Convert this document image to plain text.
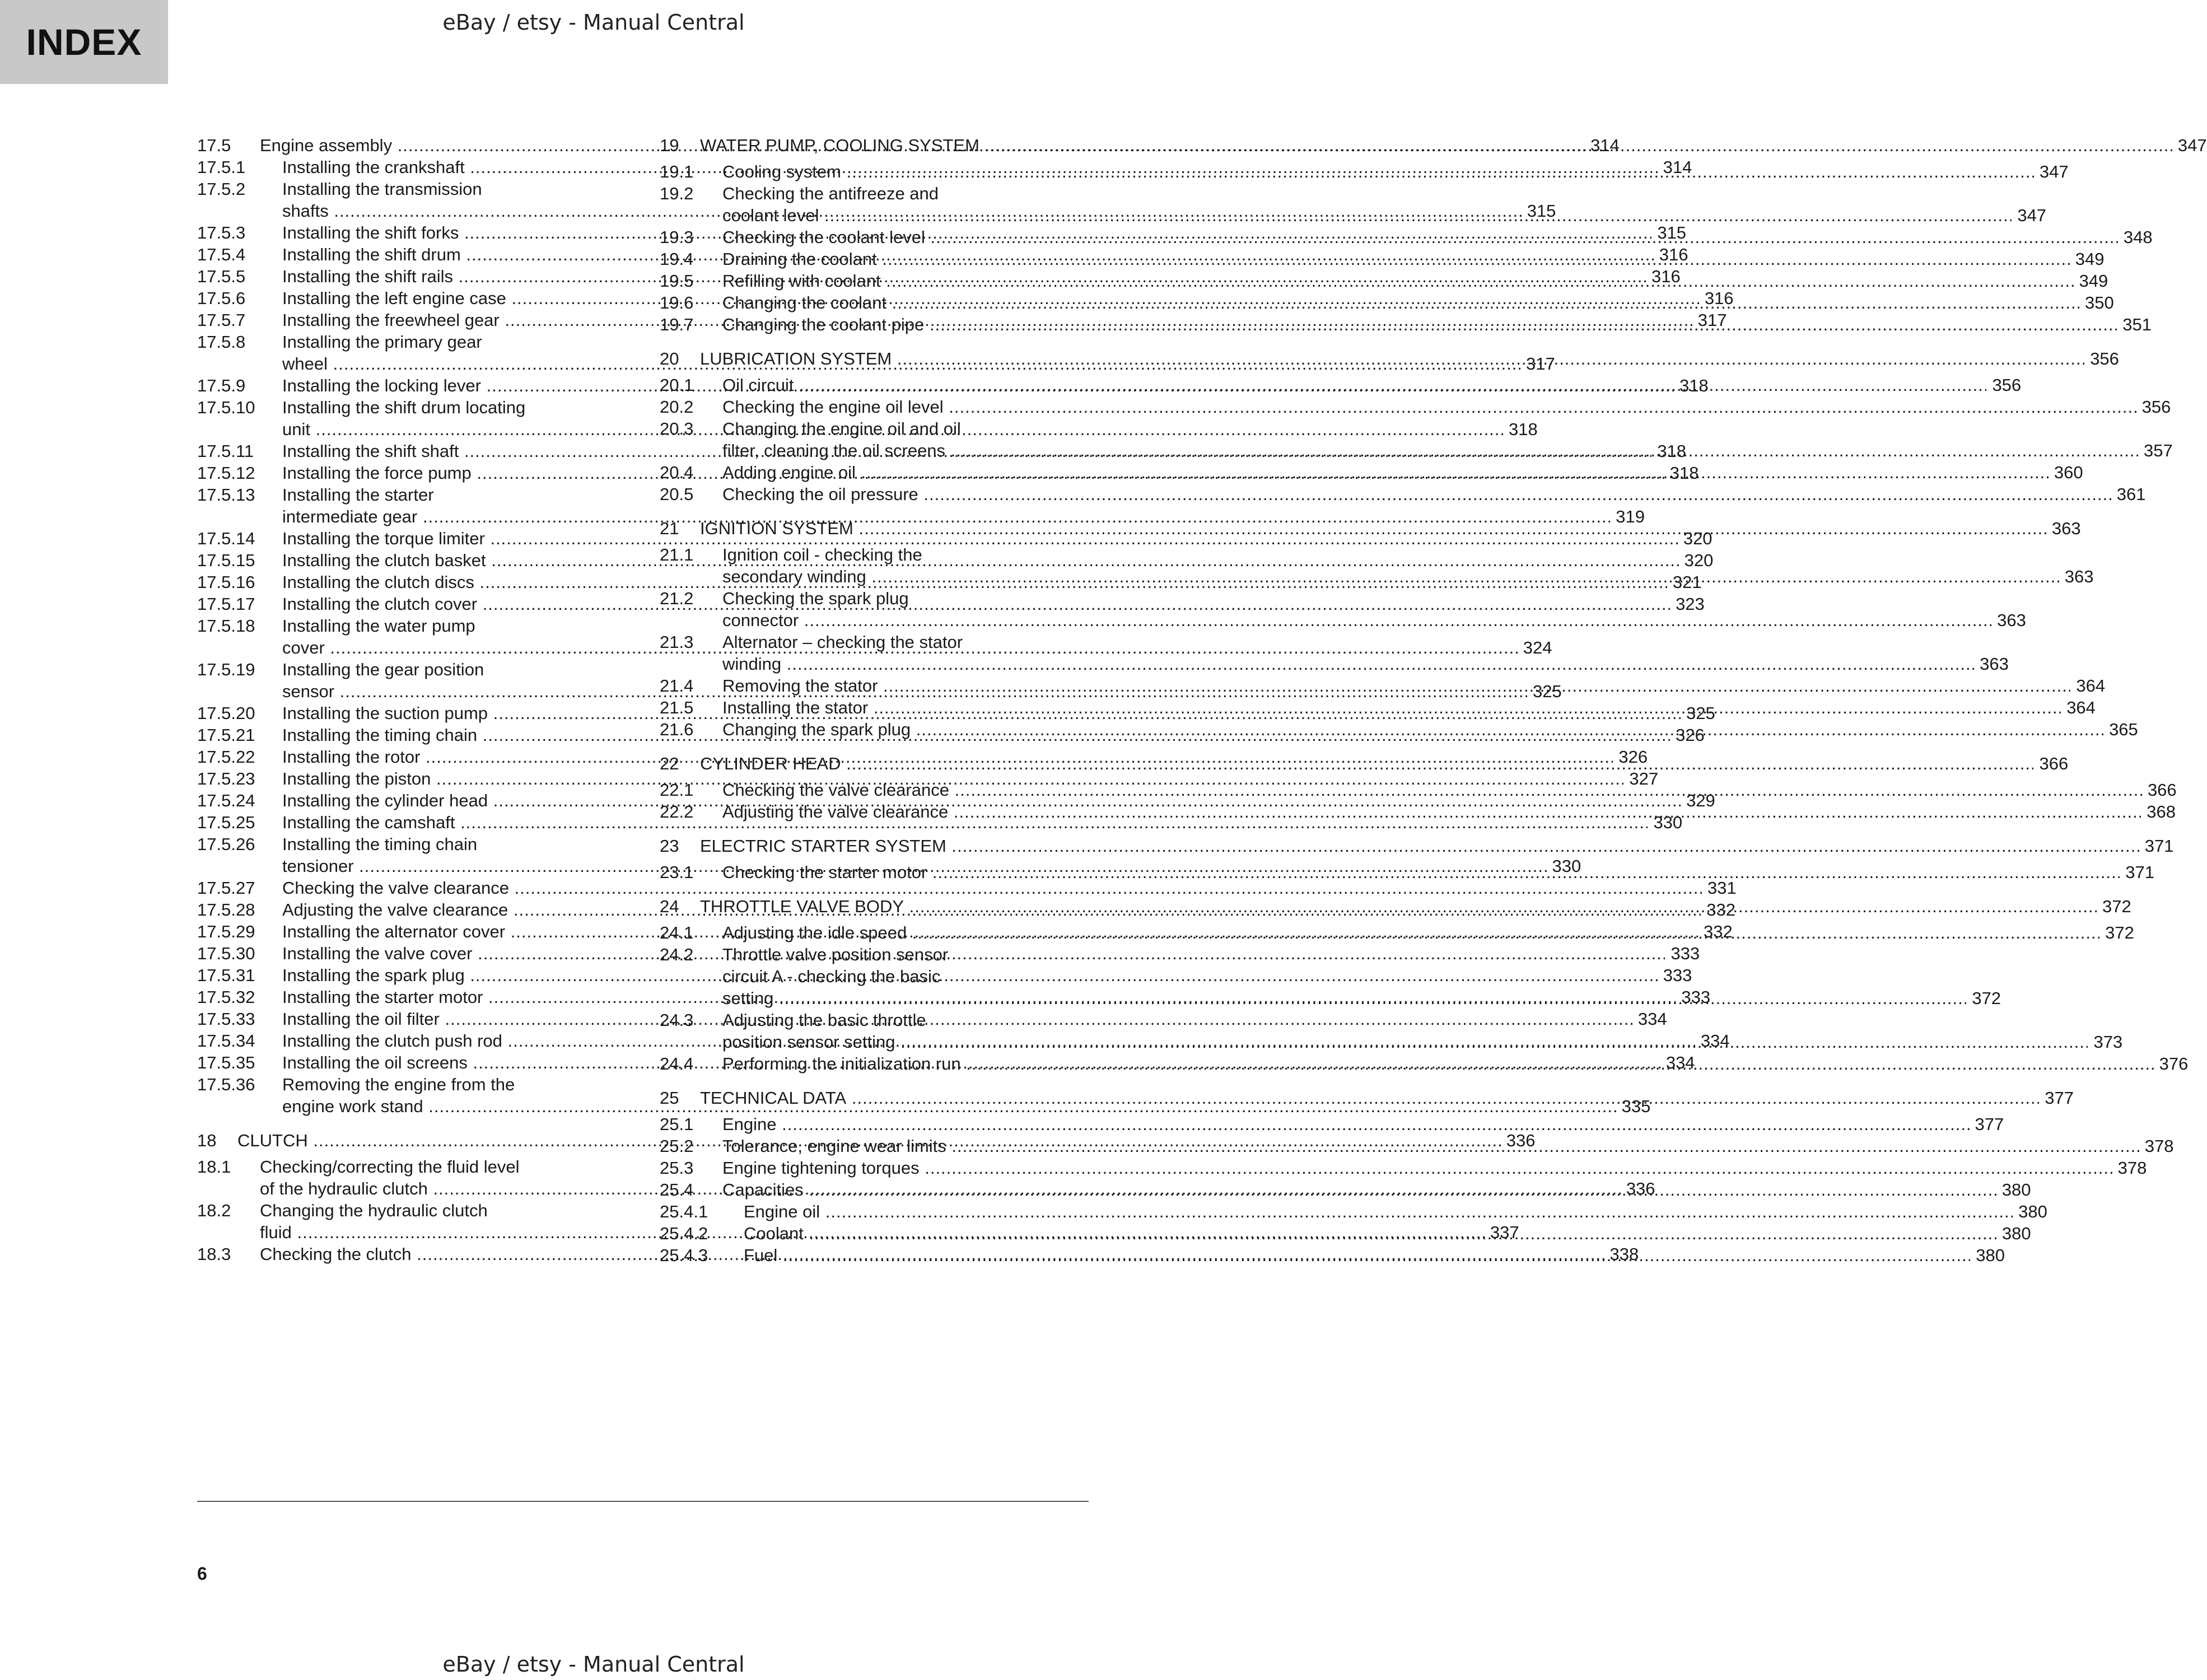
INDEX	eBay / etsy - Manual Central
17.5	Engine assembly .....	314
17.5.1	Installing the crankshaft .....	314
17.5.2	Installing the transmission
shafts .....	315
17.5.3	Installing the shift forks .....	315
17.5.4	Installing the shift drum .....	316
17.5.5	Installing the shift rails .....	316
17.5.6	Installing the left engine case .....	316
17.5.7	Installing the freewheel gear .....	317
17.5.8	Installing the primary gear
wheel .....	317
17.5.9	Installing the locking lever .....	318
17.5.10	Installing the shift drum locating
unit .....	318
17.5.11	Installing the shift shaft .....	318
17.5.12	Installing the force pump .....	318
17.5.13	Installing the starter
intermediate gear .....	319
17.5.14	Installing the torque limiter .....	320
17.5.15	Installing the clutch basket .....	320
17.5.16	Installing the clutch discs .....	321
17.5.17	Installing the clutch cover .....	323
17.5.18	Installing the water pump
cover .....	324
17.5.19	Installing the gear position
sensor .....	325
17.5.20	Installing the suction pump .....	325
17.5.21	Installing the timing chain .....	326
17.5.22	Installing the rotor .....	326
17.5.23	Installing the piston .....	327
17.5.24	Installing the cylinder head .....	329
17.5.25	Installing the camshaft .....	330
17.5.26	Installing the timing chain
tensioner .....	330
17.5.27	Checking the valve clearance .....	331
17.5.28	Adjusting the valve clearance .....	332
17.5.29	Installing the alternator cover .....	332
17.5.30	Installing the valve cover .....	333
17.5.31	Installing the spark plug .....	333
17.5.32	Installing the starter motor .....	333
17.5.33	Installing the oil filter .....	334
17.5.34	Installing the clutch push rod .....	334
17.5.35	Installing the oil screens .....	334
17.5.36	Removing the engine from the
engine work stand .....	335
18	CLUTCH .....	336
18.1	Checking/correcting the fluid level
of the hydraulic clutch .....	336
18.2	Changing the hydraulic clutch
fluid .....	337
18.3	Checking the clutch .....	338
19	WATER PUMP, COOLING SYSTEM .....	347
19.1	Cooling system .....	347
19.2	Checking the antifreeze and
coolant level .....	347
19.3	Checking the coolant level .....	348
19.4	Draining the coolant .....	349
19.5	Refilling with coolant .....	349
19.6	Changing the coolant .....	350
19.7	Changing the coolant pipe .....	351
20	LUBRICATION SYSTEM .....	356
20.1	Oil circuit .....	356
20.2	Checking the engine oil level .....	356
20.3	Changing the engine oil and oil
filter, cleaning the oil screens .....	357
20.4	Adding engine oil .....	360
20.5	Checking the oil pressure .....	361
21	IGNITION SYSTEM .....	363
21.1	Ignition coil - checking the
secondary winding .....	363
21.2	Checking the spark plug
connector .....	363
21.3	Alternator – checking the stator
winding .....	363
21.4	Removing the stator .....	364
21.5	Installing the stator .....	364
21.6	Changing the spark plug .....	365
22	CYLINDER HEAD .....	366
22.1	Checking the valve clearance .....	366
22.2	Adjusting the valve clearance .....	368
23	ELECTRIC STARTER SYSTEM .....	371
23.1	Checking the starter motor .....	371
24	THROTTLE VALVE BODY .....	372
24.1	Adjusting the idle speed .....	372
24.2	Throttle valve position sensor
circuit A - checking the basic
setting .....	372
24.3	Adjusting the basic throttle
position sensor setting .....	373
24.4	Performing the initialization run .....	376
25	TECHNICAL DATA .....	377
25.1	Engine .....	377
25.2	Tolerance, engine wear limits .....	378
25.3	Engine tightening torques .....	378
25.4	Capacities .....	380
25.4.1	Engine oil .....	380
25.4.2	Coolant .....	380
25.4.3	Fuel .....	380
6
eBay / etsy - Manual Central
